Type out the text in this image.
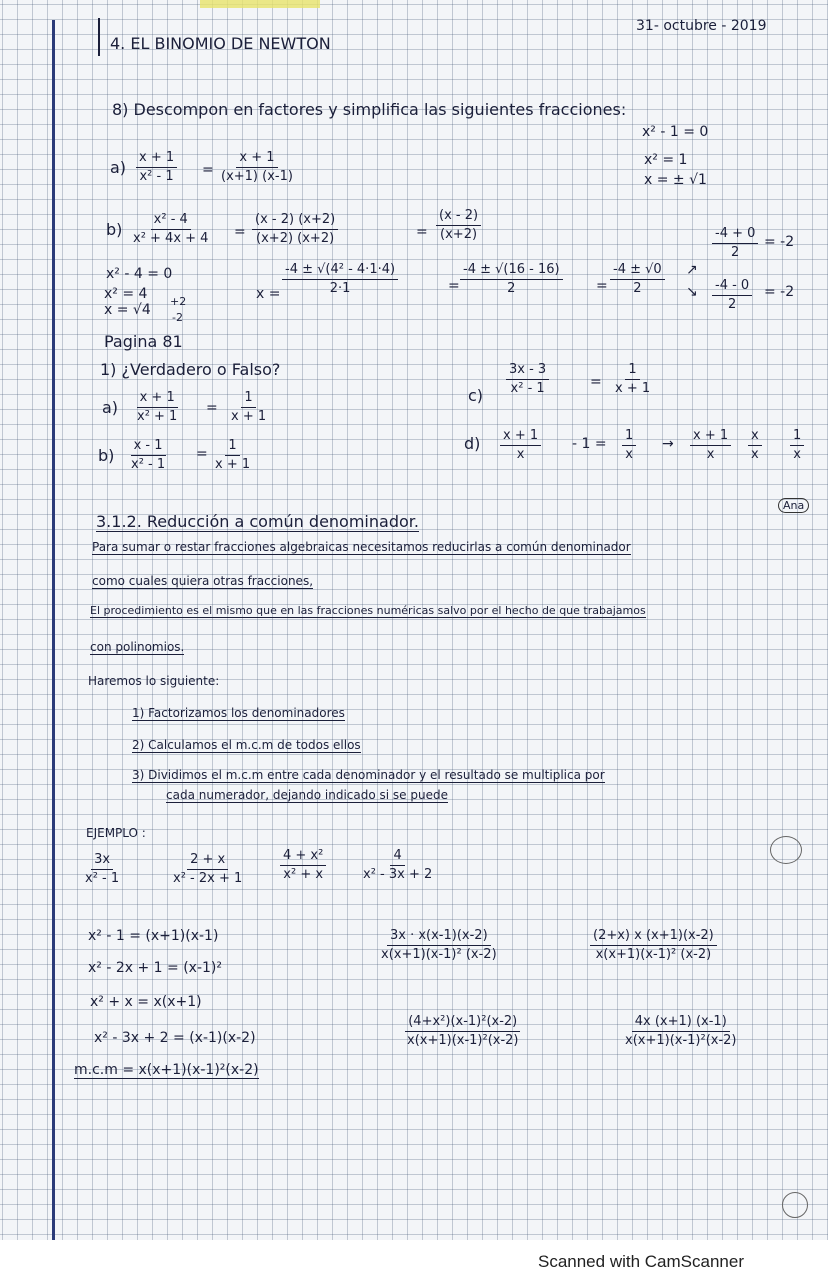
4. EL BINOMIO DE NEWTON
31- octubre - 2019
8) Descompon en factores y simplifica las siguientes fracciones:
x² - 1 = 0
x² = 1
x = ± √1
$a) \frac{x + 1}{\text{x² - 1}} = \frac{x + 1}{(x+1) (x-1)}$
$b) \frac{\text{x² - 4}}{\text{x² + 4x + 4}} = \frac{(x - 2) (x+2)}{(x+2) (x+2)}$	= $\frac{(x - 2)}{(x+2)}$
x² - 4 = 0
x² = 4
x = √4
+2
-2
$x = \frac{\text{-4 ± √(4² - 4·1·4)}}{2\cdot 1}$	= $\frac{-4 \pm √(16 - 16)}{2} = \frac{-4 \pm √0}{2}$ ↗
↘
$\frac{-4 + 0}{2} = -2$
$\frac{-4 - 0}{2} = -2$
Pagina 81
1) ¿Verdadero o Falso?
$a) \frac{x + 1}{\text{x² + 1}} = \frac{1}{x + 1}$
$b) \frac{x - 1}{\text{x² - 1}} = \frac{1}{x + 1}$
$c) \frac{3x - 3}{\text{x² - 1}}$	= $\frac{1}{x + 1}$
$d) \frac{x + 1}{x} - 1 = \frac{1}{x} \to \frac{x + 1}{x} \frac{x}{x} \frac{1}{x}$
3.1.2. Reducción a común denominador.
Ana
Para sumar o restar fracciones algebraicas necesitamos reducirlas a común denominador
como cuales quiera otras fracciones,
El procedimiento es el mismo que en las fracciones numéricas salvo por el hecho de que trabajamos
con polinomios.
Haremos lo siguiente:
1) Factorizamos los denominadores
2) Calculamos el m.c.m de todos ellos
3) Dividimos el m.c.m entre cada denominador y el resultado se multiplica por
cada numerador, dejando indicado si se puede
EJEMPLO :
$\frac{3x}{\text{x² - 1}}$	$\frac{2 + x}{\text{x² - 2x + 1}}$	$\frac{\text{4 + x²}}{\text{x² + x}}$	$\frac{4}{\text{x² - 3x + 2}}$
x² - 1 = (x+1)(x-1)
x² - 2x + 1 = (x-1)²
x² + x = x(x+1)
x² - 3x + 2 = (x-1)(x-2)
m.c.m = x(x+1)(x-1)²(x-2)
$\frac{3x \cdot x(x-1)(x-2)}{\text{x(x+1)(x-1)² (x-2)}}$	$\frac{(2+x) x (x+1)(x-2)}{\text{x(x+1)(x-1)² (x-2)}}$
$\frac{\text{(4+x²)(x-1)²(x-2)}}{\text{x(x+1)(x-1)²(x-2)}}$	$\frac{4x (x+1) (x-1)}{\text{x(x+1)(x-1)²(x-2)}}$
Scanned with CamScanner
